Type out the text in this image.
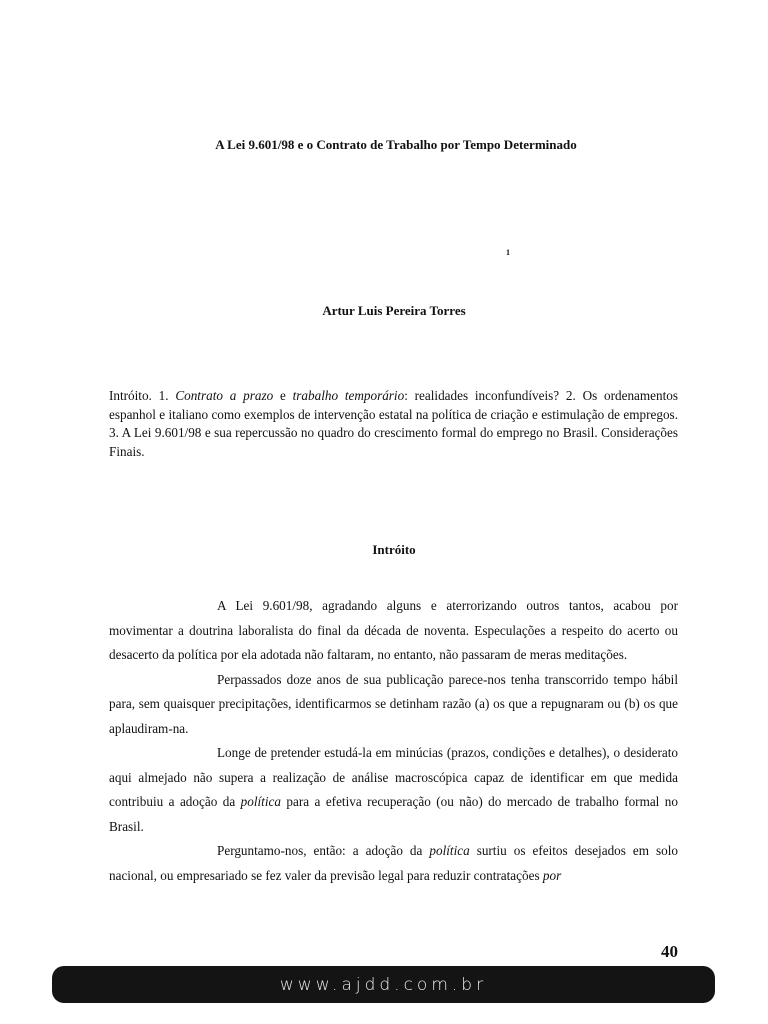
A Lei 9.601/98 e o Contrato de Trabalho por Tempo Determinado
1
Artur Luis Pereira Torres

Intróito. 1. Contrato a prazo e trabalho temporário: realidades inconfundíveis? 2. Os ordenamentos espanhol e italiano como exemplos de intervenção estatal na política de criação e estimulação de empregos. 3. A Lei 9.601/98 e sua repercussão no quadro do crescimento formal do emprego no Brasil. Considerações Finais.

Intróito

A Lei 9.601/98, agradando alguns e aterrorizando outros tantos, acabou por movimentar a doutrina laboralista do final da década de noventa. Especulações a respeito do acerto ou desacerto da política por ela adotada não faltaram, no entanto, não passaram de meras meditações.

Perpassados doze anos de sua publicação parece-nos tenha transcorrido tempo hábil para, sem quaisquer precipitações, identificarmos se detinham razão (a) os que a repugnaram ou (b) os que aplaudiram-na.

Longe de pretender estudá-la em minúcias (prazos, condições e detalhes), o desiderato aqui almejado não supera a realização de análise macroscópica capaz de identificar em que medida contribuiu a adoção da política para a efetiva recuperação (ou não) do mercado de trabalho formal no Brasil.

Perguntamo-nos, então: a adoção da política surtiu os efeitos desejados em solo nacional, ou empresariado se fez valer da previsão legal para reduzir contratações por

40
www.ajdd.com.br
